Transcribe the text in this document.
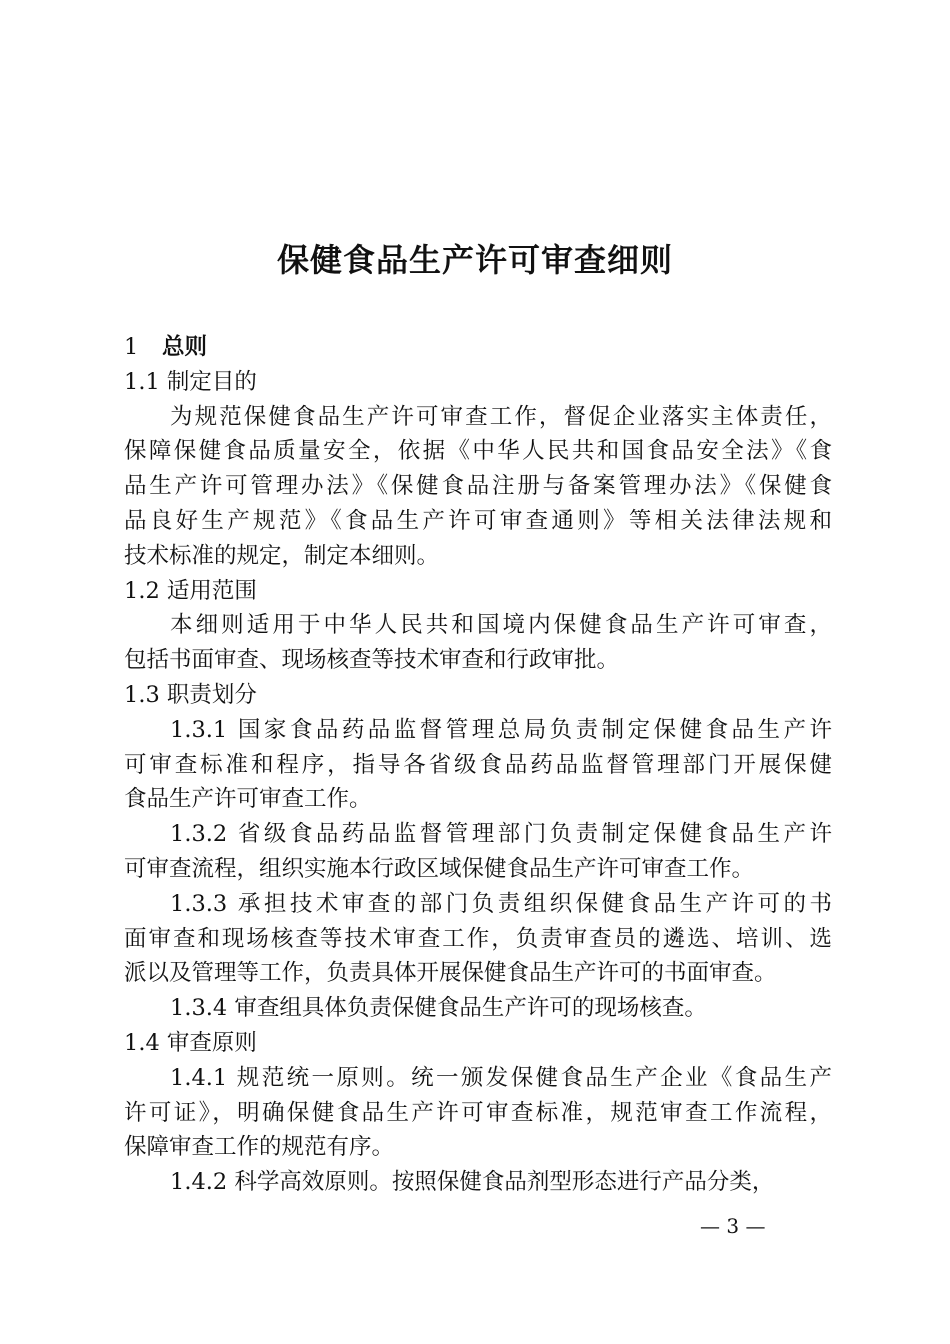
保健食品生产许可审查细则
1 总则
1.1 制定目的
为规范保健食品生产许可审查工作，督促企业落实主体责任，
保障保健食品质量安全，依据《中华人民共和国食品安全法》《食
品生产许可管理办法》《保健食品注册与备案管理办法》《保健食
品良好生产规范》《食品生产许可审查通则》等相关法律法规和
技术标准的规定，制定本细则。
1.2 适用范围
本细则适用于中华人民共和国境内保健食品生产许可审查，
包括书面审查、现场核查等技术审查和行政审批。
1.3 职责划分
1.3.1 国家食品药品监督管理总局负责制定保健食品生产许
可审查标准和程序，指导各省级食品药品监督管理部门开展保健
食品生产许可审查工作。
1.3.2 省级食品药品监督管理部门负责制定保健食品生产许
可审查流程，组织实施本行政区域保健食品生产许可审查工作。
1.3.3 承担技术审查的部门负责组织保健食品生产许可的书
面审查和现场核查等技术审查工作，负责审查员的遴选、培训、选
派以及管理等工作，负责具体开展保健食品生产许可的书面审查。
1.3.4 审查组具体负责保健食品生产许可的现场核查。
1.4 审查原则
1.4.1 规范统一原则。统一颁发保健食品生产企业《食品生产
许可证》，明确保健食品生产许可审查标准，规范审查工作流程，
保障审查工作的规范有序。
1.4.2 科学高效原则。按照保健食品剂型形态进行产品分类，
— 3 —
